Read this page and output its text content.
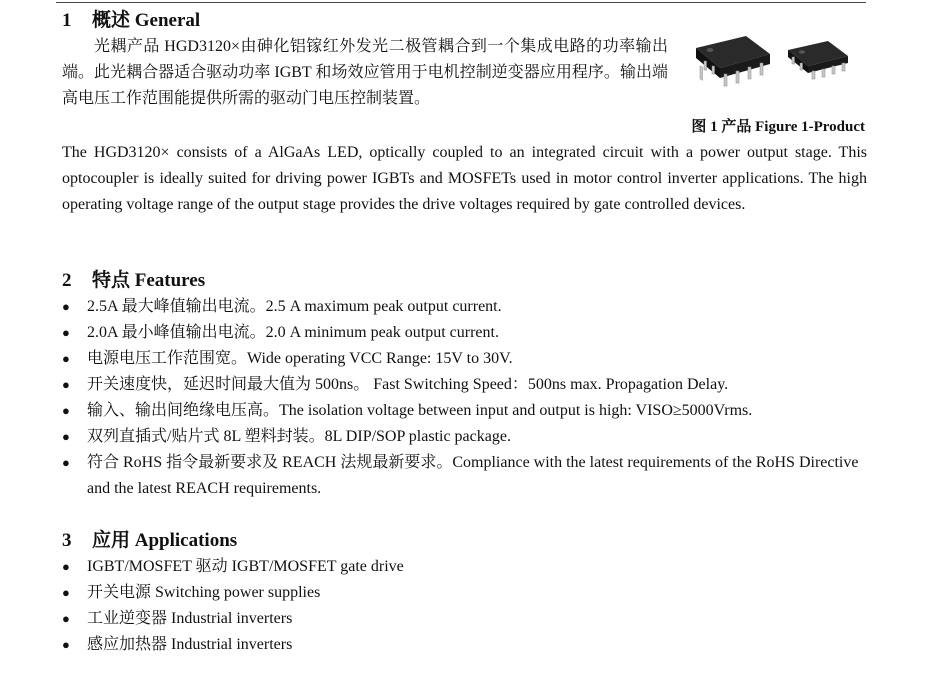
1 概述 General

光耦产品 HGD3120×由砷化铝镓红外发光二极管耦合到一个集成电路的功率输出端。此光耦合器适合驱动功率 IGBT 和场效应管用于电机控制逆变器应用程序。输出端高电压工作范围能提供所需的驱动门电压控制装置。

图 1 产品 Figure 1-Product

The HGD3120× consists of a AlGaAs LED, optically coupled to an integrated circuit with a power output stage. This optocoupler is ideally suited for driving power IGBTs and MOSFETs used in motor control inverter applications. The high operating voltage range of the output stage provides the drive voltages required by gate controlled devices.

2 特点 Features
● 2.5A 最大峰值输出电流。2.5 A maximum peak output current.
● 2.0A 最小峰值输出电流。2.0 A minimum peak output current.
● 电源电压工作范围宽。Wide operating VCC Range: 15V to 30V.
● 开关速度快，延迟时间最大值为 500ns。 Fast Switching Speed：500ns max. Propagation Delay.
● 输入、输出间绝缘电压高。The isolation voltage between input and output is high: VISO≥5000Vrms.
● 双列直插式/贴片式 8L 塑料封装。8L DIP/SOP plastic package.
● 符合 RoHS 指令最新要求及 REACH 法规最新要求。Compliance with the latest requirements of the RoHS Directive and the latest REACH requirements.
3 应用 Applications
● IGBT/MOSFET 驱动 IGBT/MOSFET gate drive
● 开关电源 Switching power supplies
● 工业逆变器 Industrial inverters
● 感应加热器 Industrial inverters
